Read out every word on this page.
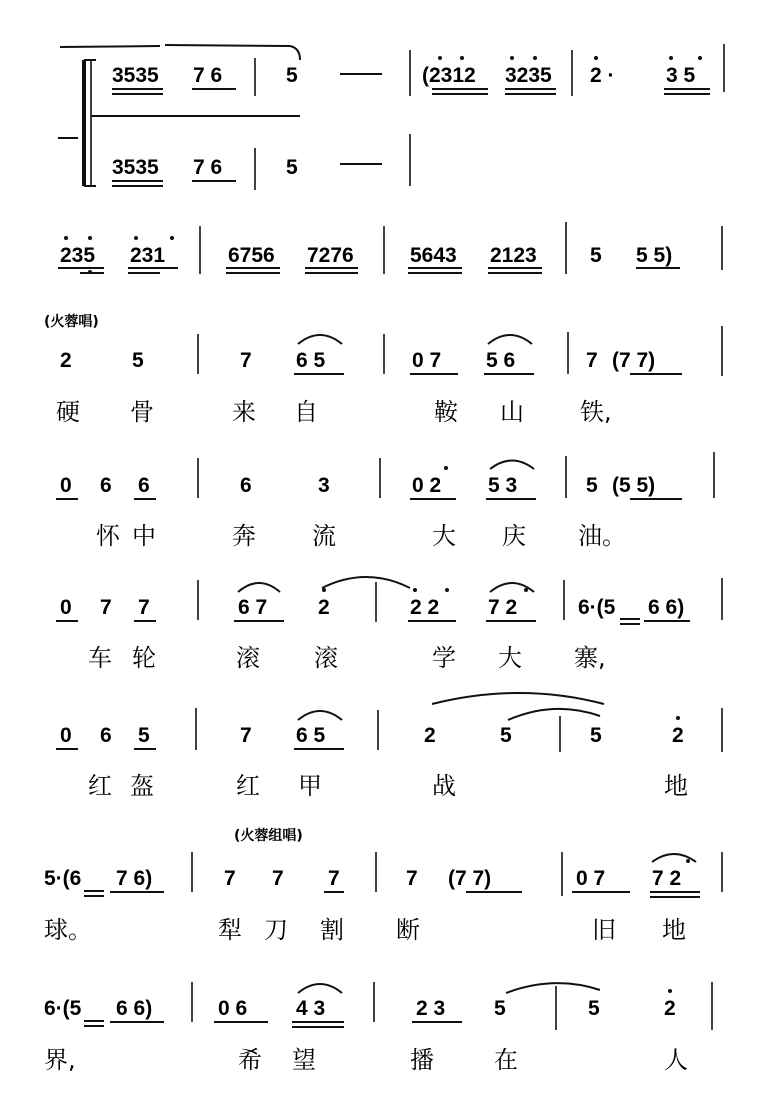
3535 7 6	5	(2312 3235 2 · 3 5
3535 7 6	5
235 231	6756 7276	5643 2123	5 5 5)
(火蓉唱)
2	5	7 6 5	0 7 5 6	7 (7 7)
硬 骨	来 自	鞍 山 铁,
0 6 6	6	3	0 2 5 3	5 (5 5)
怀 中	奔 流	大 庆 油。
0 7 7	6 7 2	2 2 7 2	6·(5 6 6)
车 轮	滚 滚	学 大 寨,
0 6 5	7 6 5	2	5	5	2
红 盔	红 甲	战	地
(火蓉组唱)
5·(6 7 6)	7 7 7	7 (7 7)	0 7 7 2
球。	犁 刀 割 断	旧 地
6·(5 6 6)	0 6 4 3	2 3 5	5	2
界,	希 望	播	在	人
